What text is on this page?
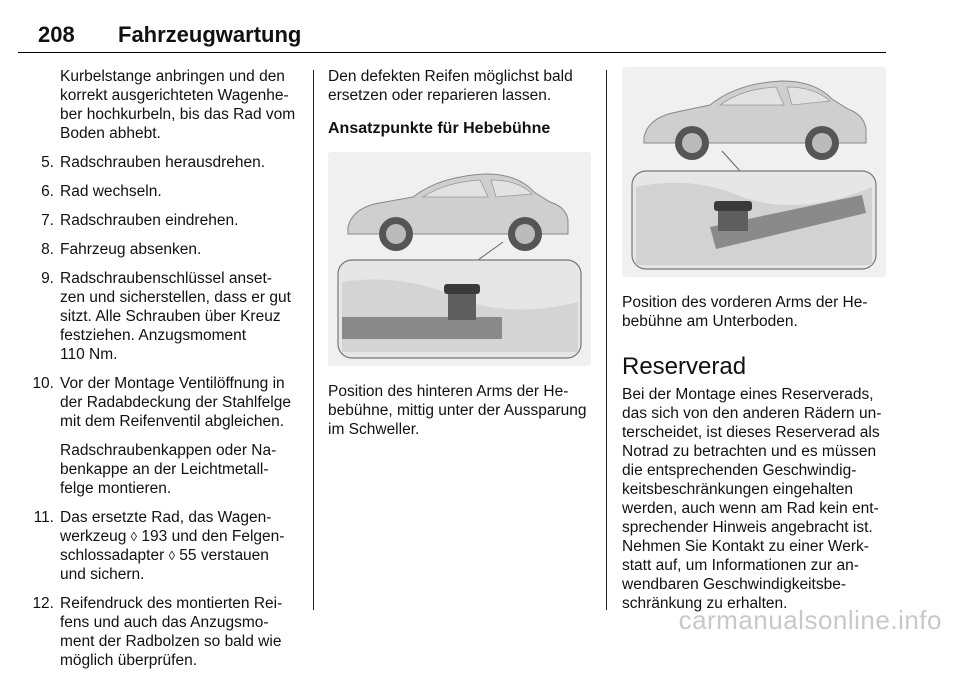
208 Fahrzeugwartung
Kurbelstange anbringen und den
korrekt ausgerichteten Wagenhe-
ber hochkurbeln, bis das Rad vom
Boden abhebt.
5. Radschrauben herausdrehen.
6. Rad wechseln.
7. Radschrauben eindrehen.
8. Fahrzeug absenken.
9. Radschraubenschlüssel anset-
zen und sicherstellen, dass er gut
sitzt. Alle Schrauben über Kreuz
festziehen. Anzugsmoment
110 Nm.
10. Vor der Montage Ventilöffnung in
der Radabdeckung der Stahlfelge
mit dem Reifenventil abgleichen.
Radschraubenkappen oder Na-
benkappe an der Leichtmetall-
felge montieren.
11. Das ersetzte Rad, das Wagen-
werkzeug ◊ 193 und den Felgen-
schlossadapter ◊ 55 verstauen
und sichern.
12. Reifendruck des montierten Rei-
fens und auch das Anzugsmo-
ment der Radbolzen so bald wie
möglich überprüfen.
Den defekten Reifen möglichst bald
ersetzen oder reparieren lassen.
Ansatzpunkte für Hebebühne
Position des hinteren Arms der He-
bebühne, mittig unter der Aussparung
im Schweller.
Position des vorderen Arms der He-
bebühne am Unterboden.
Reserverad
Bei der Montage eines Reserverads,
das sich von den anderen Rädern un-
terscheidet, ist dieses Reserverad als
Notrad zu betrachten und es müssen
die entsprechenden Geschwindig-
keitsbeschränkungen eingehalten
werden, auch wenn am Rad kein ent-
sprechender Hinweis angebracht ist.
Nehmen Sie Kontakt zu einer Werk-
statt auf, um Informationen zur an-
wendbaren Geschwindigkeitsbe-
schränkung zu erhalten.
carmanualsonline.info
